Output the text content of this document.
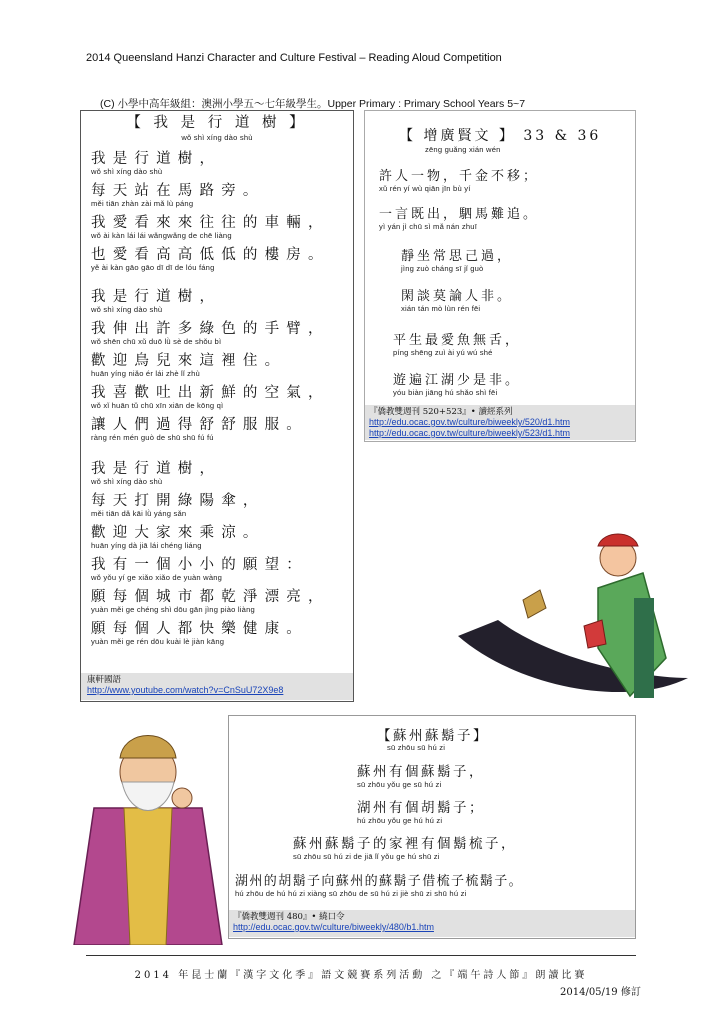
2014 Queensland Hanzi Character and Culture Festival – Reading Aloud Competition
(C) 小學中高年級組：澳洲小學五～七年級學生。Upper Primary : Primary School Years 5~7
【 我 是 行 道 樹 】
wǒ shì xíng dào shù
我是行道樹，
wǒ shì xíng dào shù
每天站在馬路旁。
měi tiān zhàn zài mǎ lù páng
我愛看來來往往的車輛，
wǒ ài kàn lái lái wǎngwǎng de chē liàng
也愛看高高低低的樓房。
yě ài kàn gāo gāo dī dī de lóu fáng
我是行道樹，
wǒ shì xíng dào shù
我伸出許多綠色的手臂，
wǒ shēn chū xǔ duō lǜ sè de shǒu bì
歡迎鳥兒來這裡住。
huān yíng niǎo ér lái zhè lǐ zhù
我喜歡吐出新鮮的空氣，
wǒ xǐ huān tǔ chū xīn xiān de kōng qì
讓人們過得舒舒服服。
ràng rén mén guò de shū shū fú fú
我是行道樹，
wǒ shì xíng dào shù
每天打開綠陽傘，
měi tiān dǎ kāi lǜ yáng sǎn
歡迎大家來乘涼。
huān yíng dà jiā lái chéng liáng
我有一個小小的願望：
wǒ yǒu yí ge xiǎo xiǎo de yuàn wàng
願每個城市都乾淨漂亮，
yuàn měi ge chéng shì dōu gān jìng piào liàng
願每個人都快樂健康。
yuàn měi ge rén dōu kuài lè jiàn kāng
康軒國語
http://www.youtube.com/watch?v=CnSuU72X9e8
【 增廣賢文 】 33 & 36
zēng guǎng xián wén
許人一物，千金不移；
xǔ rén yí wù qiān jīn bù yí
一言既出，駟馬難追。
yì yán jì chū sì mǎ nán zhuī
靜坐常思己過，
jìng zuò cháng sī jǐ guò
閑談莫論人非。
xián tán mò lùn rén fēi
平生最愛魚無舌，
píng shēng zuì ài yú wú shé
遊遍江湖少是非。
yóu biàn jiāng hú shǎo shì fēi
『僑教雙週刊 520+523』• 讀經系列
http://edu.ocac.gov.tw/culture/biweekly/520/d1.htm
http://edu.ocac.gov.tw/culture/biweekly/523/d1.htm
【蘇州蘇鬍子】
sū zhōu sū hú zi
蘇州有個蘇鬍子，
sū zhōu yǒu ge sū hú zi
湖州有個胡鬍子；
hú zhōu yǒu ge hú hú zi
蘇州蘇鬍子的家裡有個鬍梳子，
sū zhōu sū hú zi de jiā lǐ yǒu ge hú shū zi
湖州的胡鬍子向蘇州的蘇鬍子借梳子梳鬍子。
hú zhōu de hú hú zi xiàng sū zhōu de sū hú zi jiè shū zi shū hú zi
『僑教雙週刊 480』• 繞口令
http://edu.ocac.gov.tw/culture/biweekly/480/b1.htm
2014 年昆士蘭『漢字文化季』語文競賽系列活動 之『端午詩人節』朗讀比賽
2014/05/19 修訂
